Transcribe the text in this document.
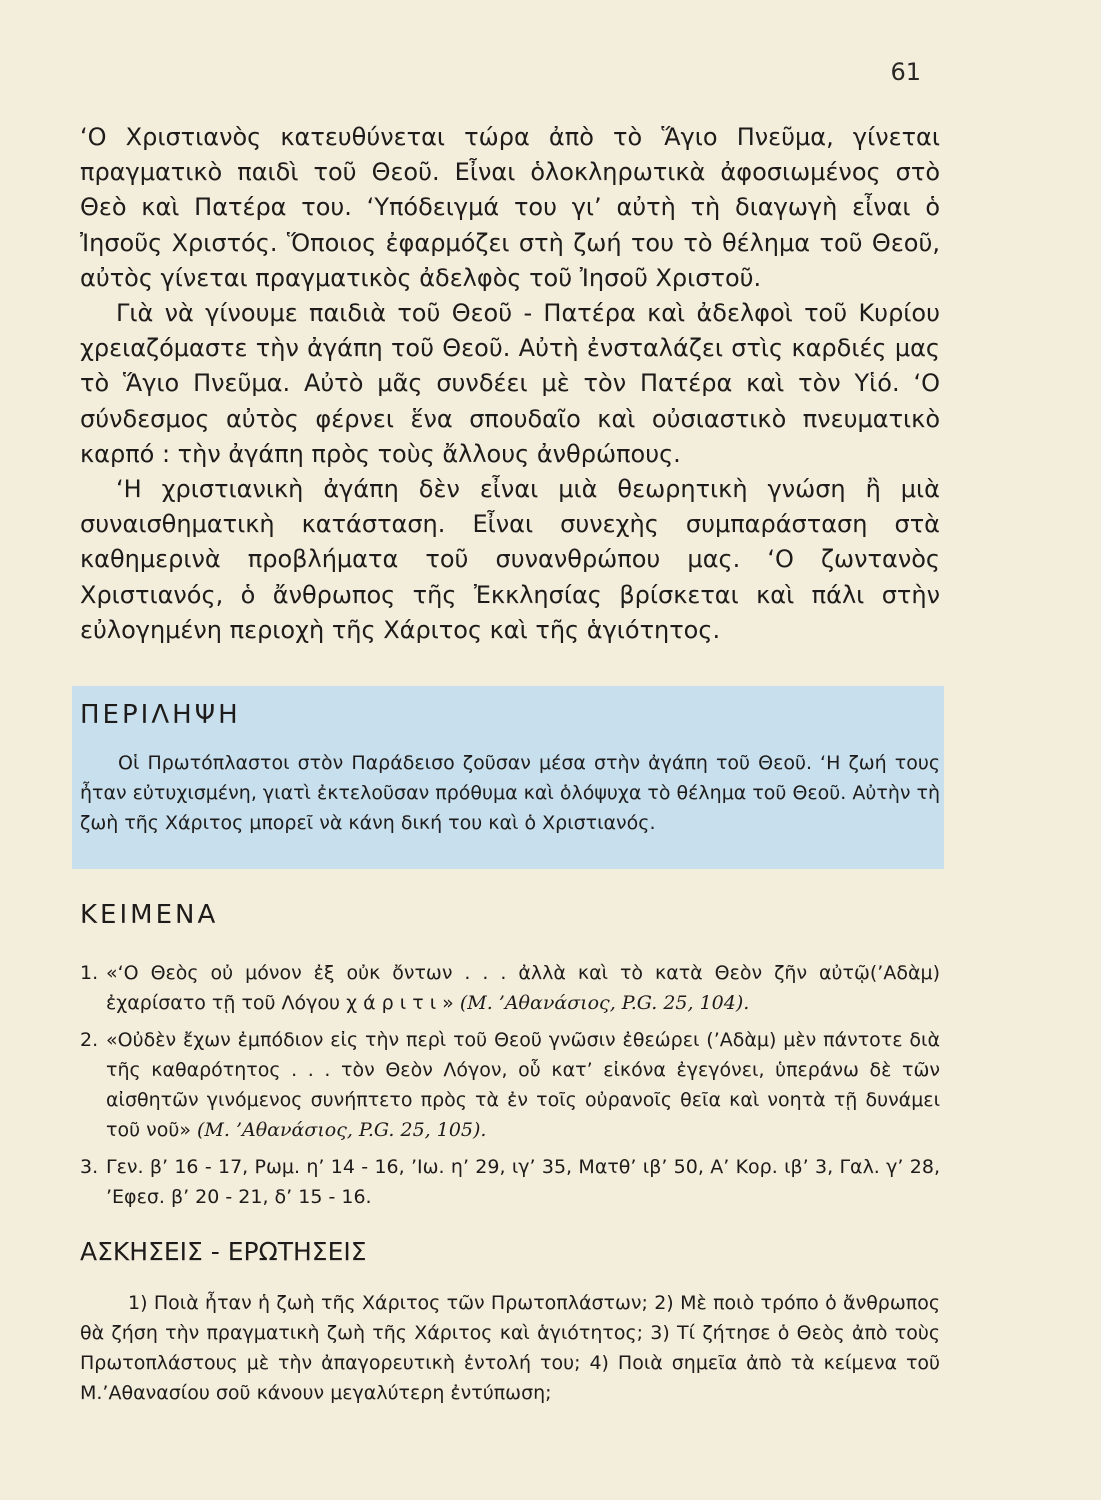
61

‘Ο Χριστιανὸς κατευθύνεται τώρα ἀπὸ τὸ Ἅγιο Πνεῦμα, γίνεται πραγματικὸ παιδὶ τοῦ Θεοῦ. Εἶναι ὁλοκληρωτικὰ ἀφοσιωμένος στὸ Θεὸ καὶ Πατέρα του. ‘Υπόδειγμά του γι’ αὐτὴ τὴ διαγωγὴ εἶναι ὁ Ἰησοῦς Χριστός. Ὅποιος ἐφαρμόζει στὴ ζωή του τὸ θέλημα τοῦ Θεοῦ, αὐτὸς γίνεται πραγματικὸς ἀδελφὸς τοῦ Ἰησοῦ Χριστοῦ.

Γιὰ νὰ γίνουμε παιδιὰ τοῦ Θεοῦ - Πατέρα καὶ ἀδελφοὶ τοῦ Κυρίου χρειαζόμαστε τὴν ἀγάπη τοῦ Θεοῦ. Αὐτὴ ἐνσταλάζει στὶς καρδιές μας τὸ Ἅγιο Πνεῦμα. Αὐτὸ μᾶς συνδέει μὲ τὸν Πατέρα καὶ τὸν Υἱό. ‘Ο σύνδεσμος αὐτὸς φέρνει ἕνα σπουδαῖο καὶ οὐσιαστικὸ πνευματικὸ καρπό : τὴν ἀγάπη πρὸς τοὺς ἄλλους ἀνθρώπους.

‘Η χριστιανικὴ ἀγάπη δὲν εἶναι μιὰ θεωρητικὴ γνώση ἢ μιὰ συναισθηματικὴ κατάσταση. Εἶναι συνεχὴς συμπαράσταση στὰ καθημερινὰ προβλήματα τοῦ συνανθρώπου μας. ‘Ο ζωντανὸς Χριστιανός, ὁ ἄνθρωπος τῆς Ἐκκλησίας βρίσκεται καὶ πάλι στὴν εὐλογημένη περιοχὴ τῆς Χάριτος καὶ τῆς ἁγιότητος.

ΠΕΡΙΛΗΨΗ

Οἱ Πρωτόπλαστοι στὸν Παράδεισο ζοῦσαν μέσα στὴν ἀγάπη τοῦ Θεοῦ. ‘Η ζωή τους ἦταν εὐτυχισμένη, γιατὶ ἐκτελοῦσαν πρόθυμα καὶ ὁλόψυχα τὸ θέλημα τοῦ Θεοῦ. Αὐτὴν τὴ ζωὴ τῆς Χάριτος μπορεῖ νὰ κάνη δική του καὶ ὁ Χριστιανός.

ΚΕΙΜΕΝΑ
1. «‘Ο Θεὸς οὐ μόνον ἐξ οὐκ ὄντων . . . ἀλλὰ καὶ τὸ κατὰ Θεὸν ζῆν αὐτῷ(’Αδὰμ) ἐχαρίσατο τῇ τοῦ Λόγου χ ά ρ ι τ ι » (Μ. ’Αθανάσιος, P.G. 25, 104).
2. «Οὐδὲν ἔχων ἐμπόδιον εἰς τὴν περὶ τοῦ Θεοῦ γνῶσιν ἐθεώρει (’Αδὰμ) μὲν πάντοτε διὰ τῆς καθαρότητος . . . τὸν Θεὸν Λόγον, οὗ κατ’ εἰκόνα ἐγεγόνει, ὑπεράνω δὲ τῶν αἰσθητῶν γινόμενος συνήπτετο πρὸς τὰ ἐν τοῖς οὐρανοῖς θεῖα καὶ νοητὰ τῇ δυνάμει τοῦ νοῦ» (Μ. ’Αθανάσιος, P.G. 25, 105).
3. Γεν. β’ 16 - 17, Ρωμ. η’ 14 - 16, ’Ιω. η’ 29, ιγ’ 35, Ματθ’ ιβ’ 50, Α’ Κορ. ιβ’ 3, Γαλ. γ’ 28, ’Εφεσ. β’ 20 - 21, δ’ 15 - 16.
ΑΣΚΗΣΕΙΣ - ΕΡΩΤΗΣΕΙΣ

1) Ποιὰ ἦταν ἡ ζωὴ τῆς Χάριτος τῶν Πρωτοπλάστων; 2) Μὲ ποιὸ τρόπο ὁ ἄνθρωπος θὰ ζήση τὴν πραγματικὴ ζωὴ τῆς Χάριτος καὶ ἁγιότητος; 3) Τί ζήτησε ὁ Θεὸς ἀπὸ τοὺς Πρωτοπλάστους μὲ τὴν ἀπαγορευτικὴ ἐντολή του; 4) Ποιὰ σημεῖα ἀπὸ τὰ κείμενα τοῦ Μ.’Αθανασίου σοῦ κάνουν μεγαλύτερη ἐντύπωση;
